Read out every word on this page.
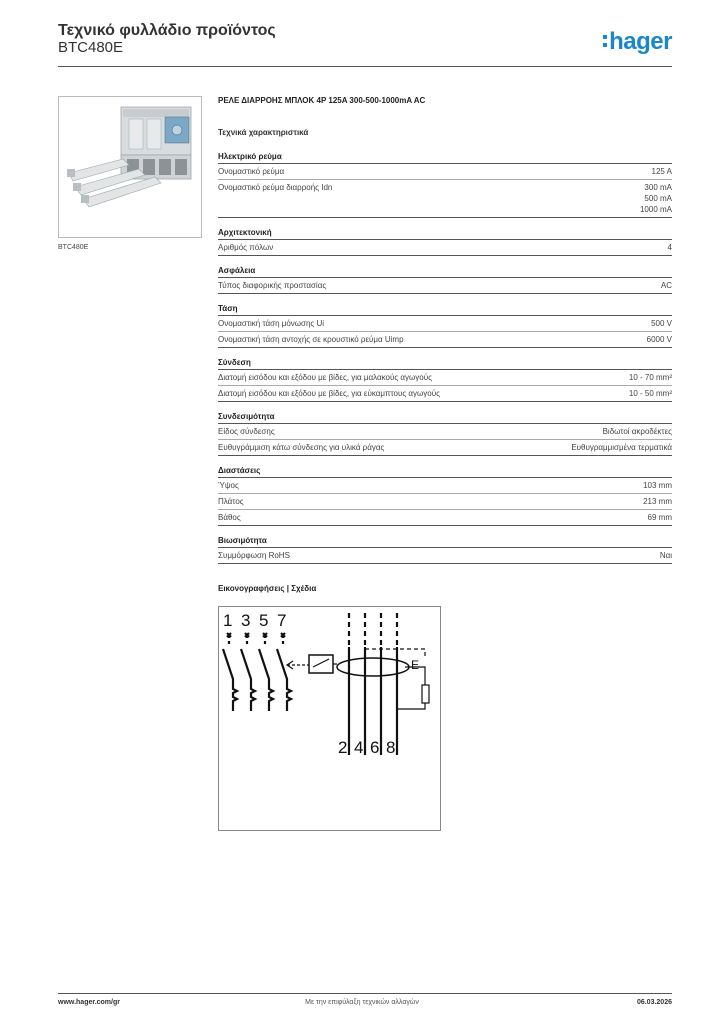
Τεχνικό φυλλάδιο προϊόντος
BTC480E	hager
BTC480E
ΡΕΛΕ ΔΙΑΡΡΟΗΣ ΜΠΛΟΚ 4P 125A 300-500-1000mA AC
Τεχνικά χαρακτηριστικά
Ηλεκτρικό ρεύμα
Ονομαστικό ρεύμα	125 A
Ονομαστικό ρεύμα διαρροής Idn	300 mA
500 mA
1000 mA
Αρχιτεκτονική
Αριθμός πόλων	4
Ασφάλεια
Τύπος διαφορικής προστασίας	AC
Τάση
Ονομαστική τάση μόνωσης Ui	500 V
Ονομαστική τάση αντοχής σε κρουστικό ρεύμα Uimp	6000 V
Σύνδεση
Διατομή εισόδου και εξόδου με βίδες, για μαλακούς αγωγούς	10 - 70 mm²
Διατομή εισόδου και εξόδου με βίδες, για εύκαμπτους αγωγούς	10 - 50 mm²
Συνδεσιμότητα
Είδος σύνδεσης	Βιδωτοί ακροδέκτες
Ευθυγράμμιση κάτω σύνδεσης για υλικά ράγας	Ευθυγραμμισμένα τερματικά
Διαστάσεις
Ύψος	103 mm
Πλάτος	213 mm
Βάθος	69 mm
Βιωσιμότητα
Συμμόρφωση RoHS	Ναι
Εικονογραφήσεις | Σχέδια
1 3 5 7
2 4 6 8
E
www.hager.com/gr	Με την επιφύλαξη τεχνικών αλλαγών	06.03.2026
